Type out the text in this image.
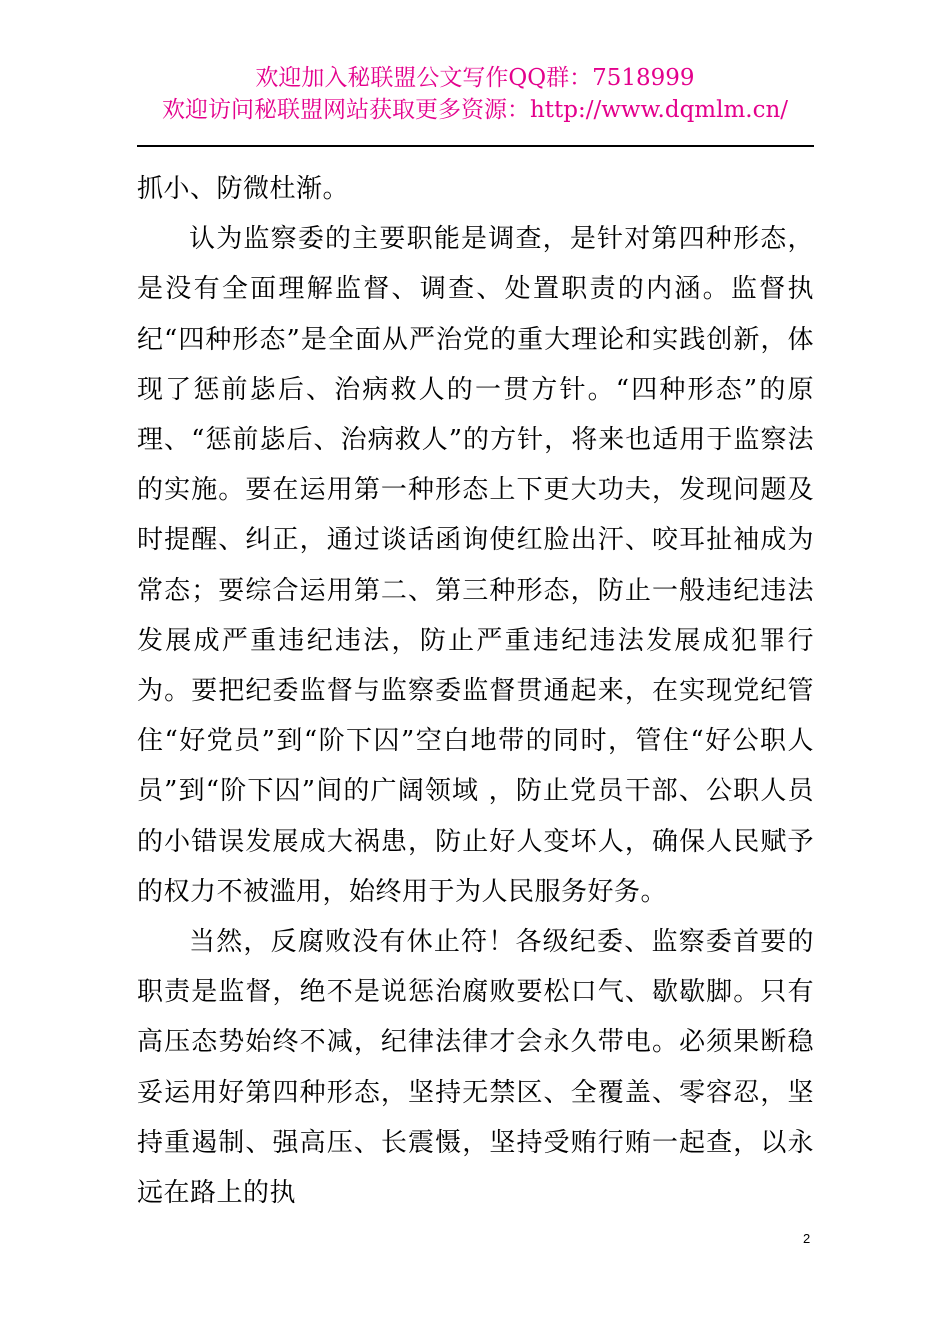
欢迎加入秘联盟公文写作QQ群：7518999
欢迎访问秘联盟网站获取更多资源：http://www.dqmlm.cn/

抓小、防微杜渐。

认为监察委的主要职能是调查，是针对第四种形态，是没有全面理解监督、调查、处置职责的内涵。监督执纪“四种形态”是全面从严治党的重大理论和实践创新，体现了惩前毖后、治病救人的一贯方针。“四种形态”的原理、“惩前毖后、治病救人”的方针，将来也适用于监察法的实施。要在运用第一种形态上下更大功夫，发现问题及时提醒、纠正，通过谈话函询使红脸出汗、咬耳扯袖成为常态；要综合运用第二、第三种形态，防止一般违纪违法发展成严重违纪违法，防止严重违纪违法发展成犯罪行为。要把纪委监督与监察委监督贯通起来，在实现党纪管住“好党员”到“阶下囚”空白地带的同时，管住“好公职人员”到“阶下囚”间的广阔领域 ，防止党员干部、公职人员的小错误发展成大祸患，防止好人变坏人，确保人民赋予的权力不被滥用，始终用于为人民服务好务。

当然，反腐败没有休止符！各级纪委、监察委首要的职责是监督，绝不是说惩治腐败要松口气、歇歇脚。只有高压态势始终不减，纪律法律才会永久带电。必须果断稳妥运用好第四种形态，坚持无禁区、全覆盖、零容忍，坚持重遏制、强高压、长震慑，坚持受贿行贿一起查，以永远在路上的执

2
